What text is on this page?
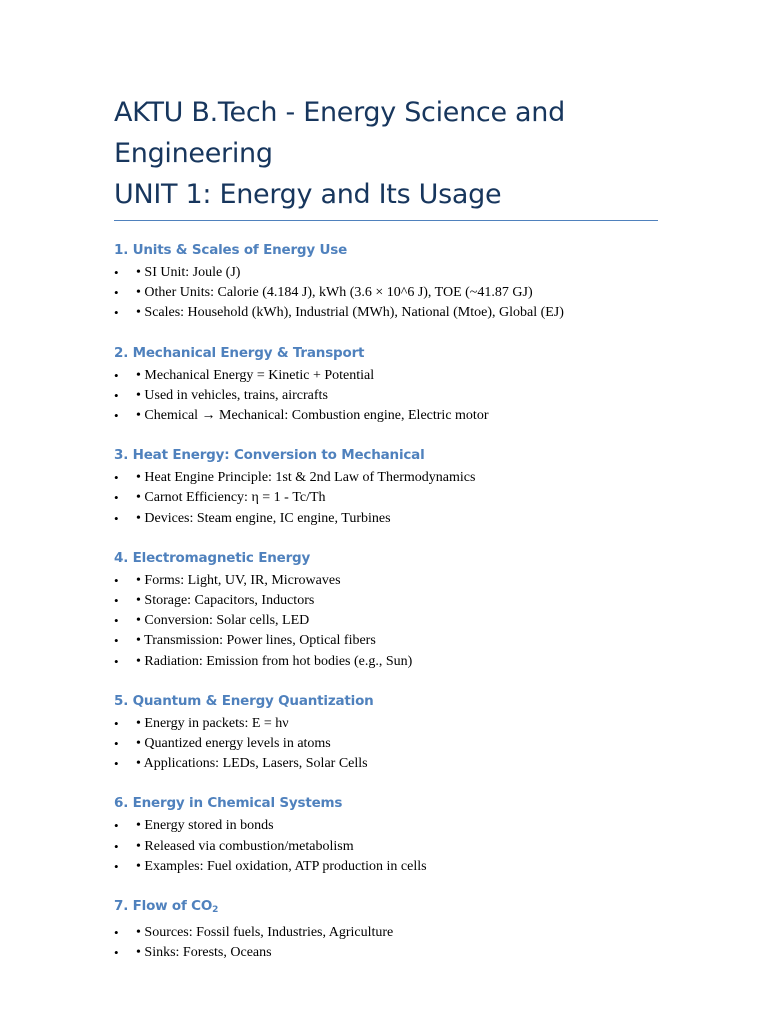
AKTU B.Tech - Energy Science and
Engineering
UNIT 1: Energy and Its Usage
1. Units & Scales of Energy Use
• • SI Unit: Joule (J)
• • Other Units: Calorie (4.184 J), kWh (3.6 × 10^6 J), TOE (~41.87 GJ)
• • Scales: Household (kWh), Industrial (MWh), National (Mtoe), Global (EJ)
2. Mechanical Energy & Transport
• • Mechanical Energy = Kinetic + Potential
• • Used in vehicles, trains, aircrafts
• • Chemical → Mechanical: Combustion engine, Electric motor
3. Heat Energy: Conversion to Mechanical
• • Heat Engine Principle: 1st & 2nd Law of Thermodynamics
• • Carnot Efficiency: η = 1 - Tc/Th
• • Devices: Steam engine, IC engine, Turbines
4. Electromagnetic Energy
• • Forms: Light, UV, IR, Microwaves
• • Storage: Capacitors, Inductors
• • Conversion: Solar cells, LED
• • Transmission: Power lines, Optical fibers
• • Radiation: Emission from hot bodies (e.g., Sun)
5. Quantum & Energy Quantization
• • Energy in packets: E = hν
• • Quantized energy levels in atoms
• • Applications: LEDs, Lasers, Solar Cells
6. Energy in Chemical Systems
• • Energy stored in bonds
• • Released via combustion/metabolism
• • Examples: Fuel oxidation, ATP production in cells
7. Flow of $CO_2$
• • Sources: Fossil fuels, Industries, Agriculture
• • Sinks: Forests, Oceans
